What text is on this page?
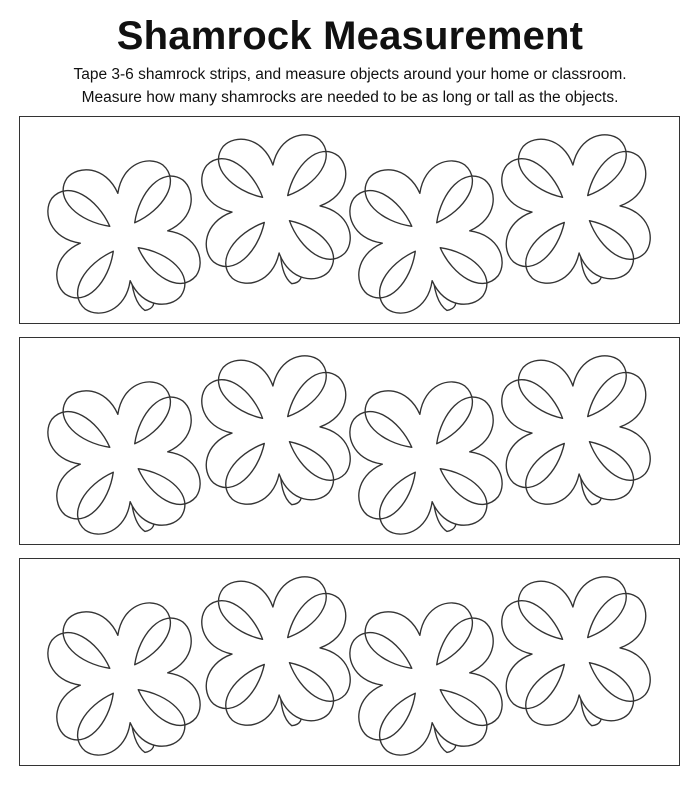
Shamrock Measurement
Tape 3-6 shamrock strips, and measure objects around your home or classroom.
Measure how many shamrocks are needed to be as long or tall as the objects.
